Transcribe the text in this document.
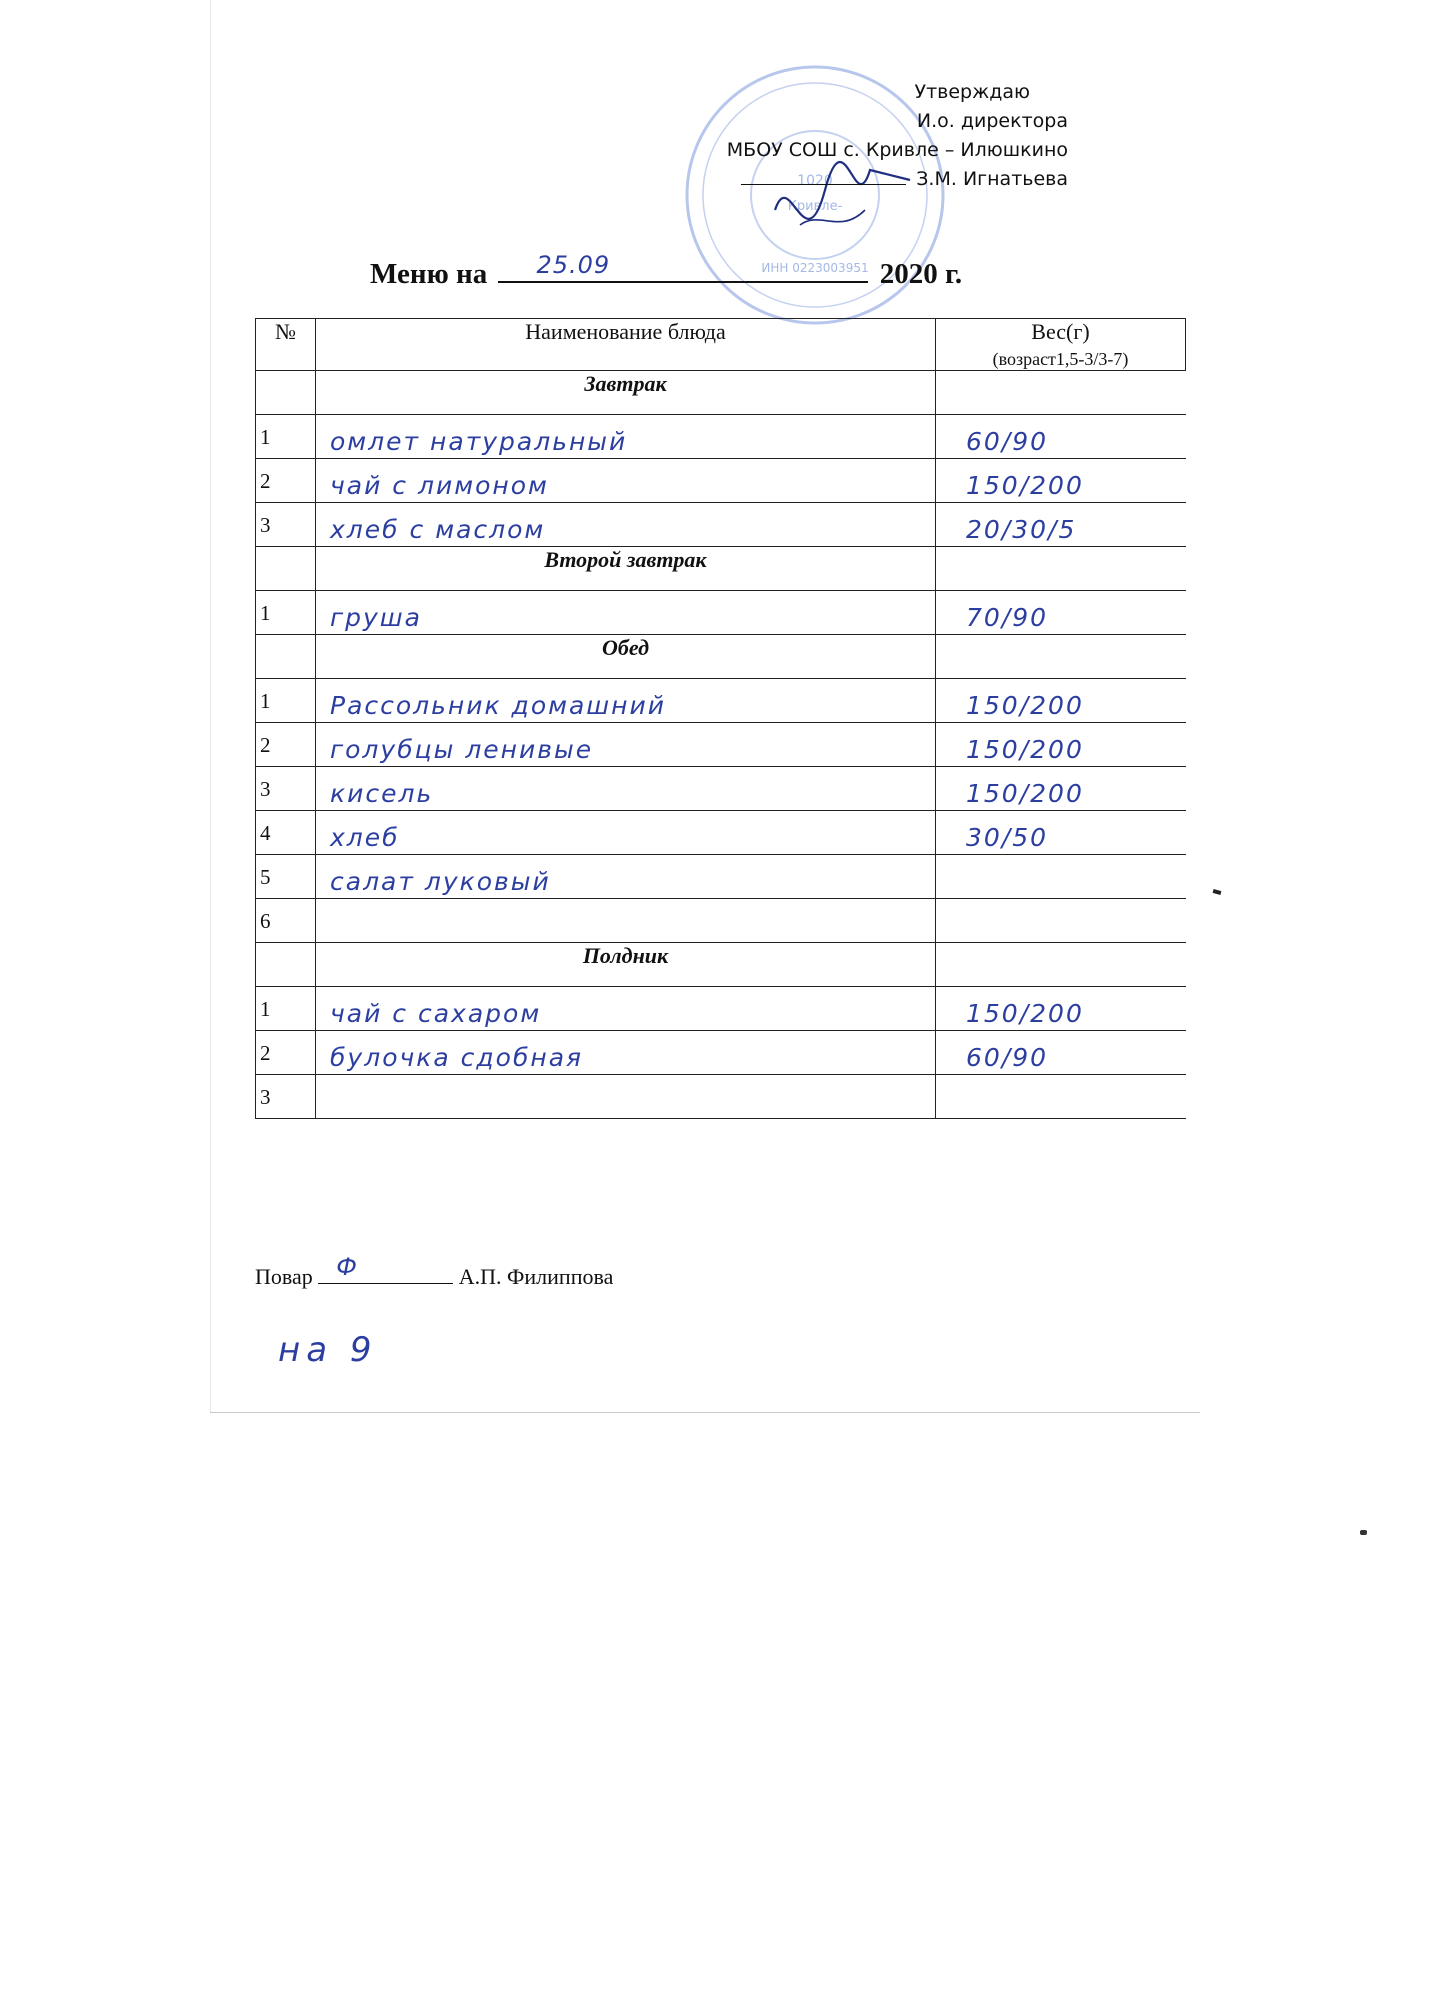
1020
Кривле-
ИНН 0223003951
Утверждаю
И.о. директора
МБОУ СОШ с. Кривле – Илюшкино
З.М. Игнатьева
Меню на 25.09	2020 г.
№	Наименование блюда	Вес(г)
(возраст1,5-3/3-7)

	Завтрак	
1	омлет натуральный	60/90
2	чай с лимоном	150/200
3	хлеб с маслом	20/30/5
	Второй завтрак	
1	груша	70/90
	Обед	
1	Рассольник домашний	150/200
2	голубцы ленивые	150/200
3	кисель	150/200
4	хлеб	30/50
5	салат луковый	
6		
	Полдник	
1	чай с сахаром	150/200
2	булочка сдобная	60/90
3		
Повар Ф	А.П. Филиппова
на 9
